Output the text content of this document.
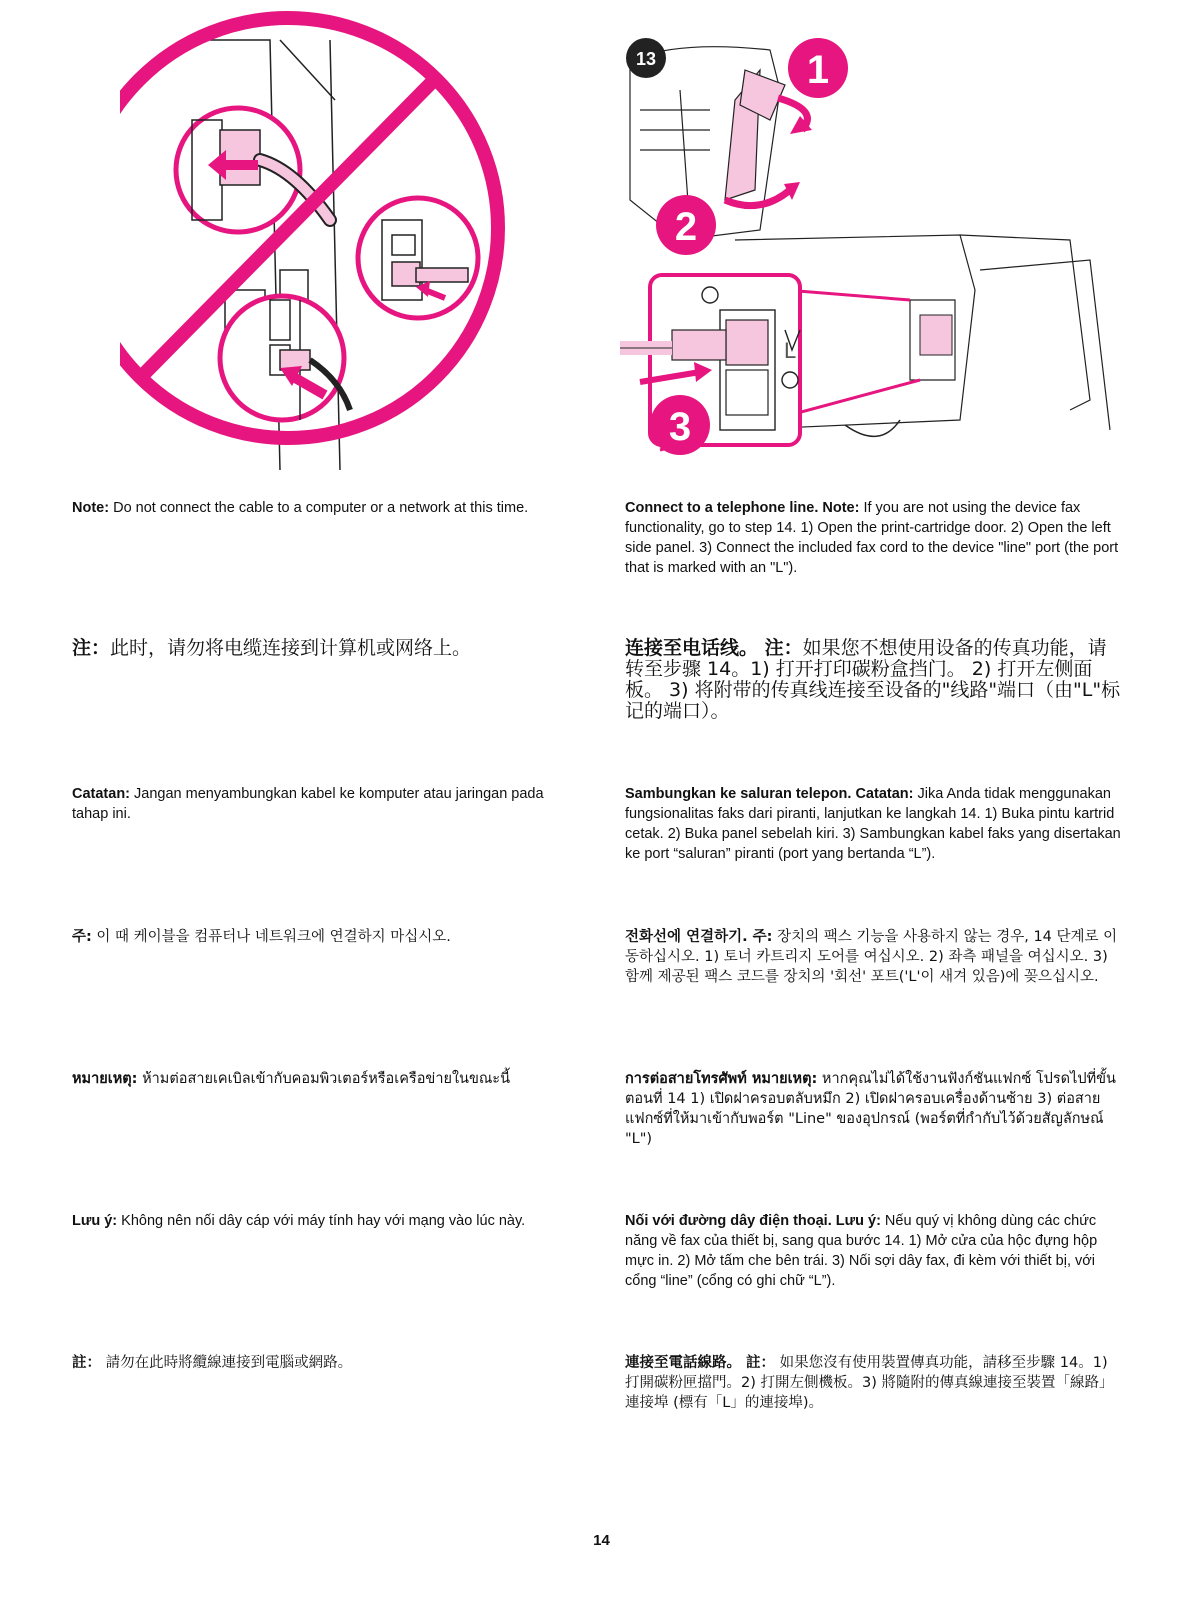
L
13	1
2
3
Note: Do not connect the cable to a computer or a network at this time.	Connect to a telephone line. Note: If you are not using the device fax functionality, go to step 14. 1) Open the print-cartridge door. 2) Open the left side panel. 3) Connect the included fax cord to the device "line" port (the port that is marked with an "L").
注：此时，请勿将电缆连接到计算机或网络上。	连接至电话线。 注：如果您不想使用设备的传真功能，请转至步骤 14。1) 打开打印碳粉盒挡门。 2) 打开左侧面板。 3) 将附带的传真线连接至设备的"线路"端口（由"L"标记的端口）。
Catatan: Jangan menyambungkan kabel ke komputer atau jaringan pada tahap ini.
Sambungkan ke saluran telepon. Catatan: Jika Anda tidak menggunakan fungsionalitas faks dari piranti, lanjutkan ke langkah 14. 1) Buka pintu kartrid cetak. 2) Buka panel sebelah kiri. 3) Sambungkan kabel faks yang disertakan ke port “saluran” piranti (port yang bertanda “L”).
주: 이 때 케이블을 컴퓨터나 네트워크에 연결하지 마십시오.	전화선에 연결하기. 주: 장치의 팩스 기능을 사용하지 않는 경우, 14 단계로 이동하십시오. 1) 토너 카트리지 도어를 여십시오. 2) 좌측 패널을 여십시오. 3) 함께 제공된 팩스 코드를 장치의 '회선' 포트('L'이 새겨 있음)에 꽂으십시오.
หมายเหตุ: ห้ามต่อสายเคเบิลเข้ากับคอมพิวเตอร์หรือเครือข่ายในขณะนี้	การต่อสายโทรศัพท์ หมายเหตุ: หากคุณไม่ได้ใช้งานฟังก์ชันแฟกซ์ โปรดไปที่ขั้นตอนที่ 14 1) เปิดฝาครอบตลับหมึก 2) เปิดฝาครอบเครื่องด้านซ้าย 3) ต่อสายแฟกซ์ที่ให้มาเข้ากับพอร์ต "Line" ของอุปกรณ์ (พอร์ตที่กำกับไว้ด้วยสัญลักษณ์ "L")
Lưu ý: Không nên nối dây cáp với máy tính hay với mạng vào lúc này.	Nối với đường dây điện thoại. Lưu ý: Nếu quý vị không dùng các chức năng về fax của thiết bị, sang qua bước 14. 1) Mở cửa của hộc đựng hộp mực in. 2) Mở tấm che bên trái. 3) Nối sợi dây fax, đi kèm với thiết bị, với cổng “line” (cổng có ghi chữ “L”).
註： 請勿在此時將纜線連接到電腦或網路。	連接至電話線路。 註： 如果您沒有使用裝置傳真功能，請移至步驟 14。1) 打開碳粉匣擋門。2) 打開左側機板。3) 將隨附的傳真線連接至裝置「線路」連接埠 (標有「L」的連接埠)。
14
